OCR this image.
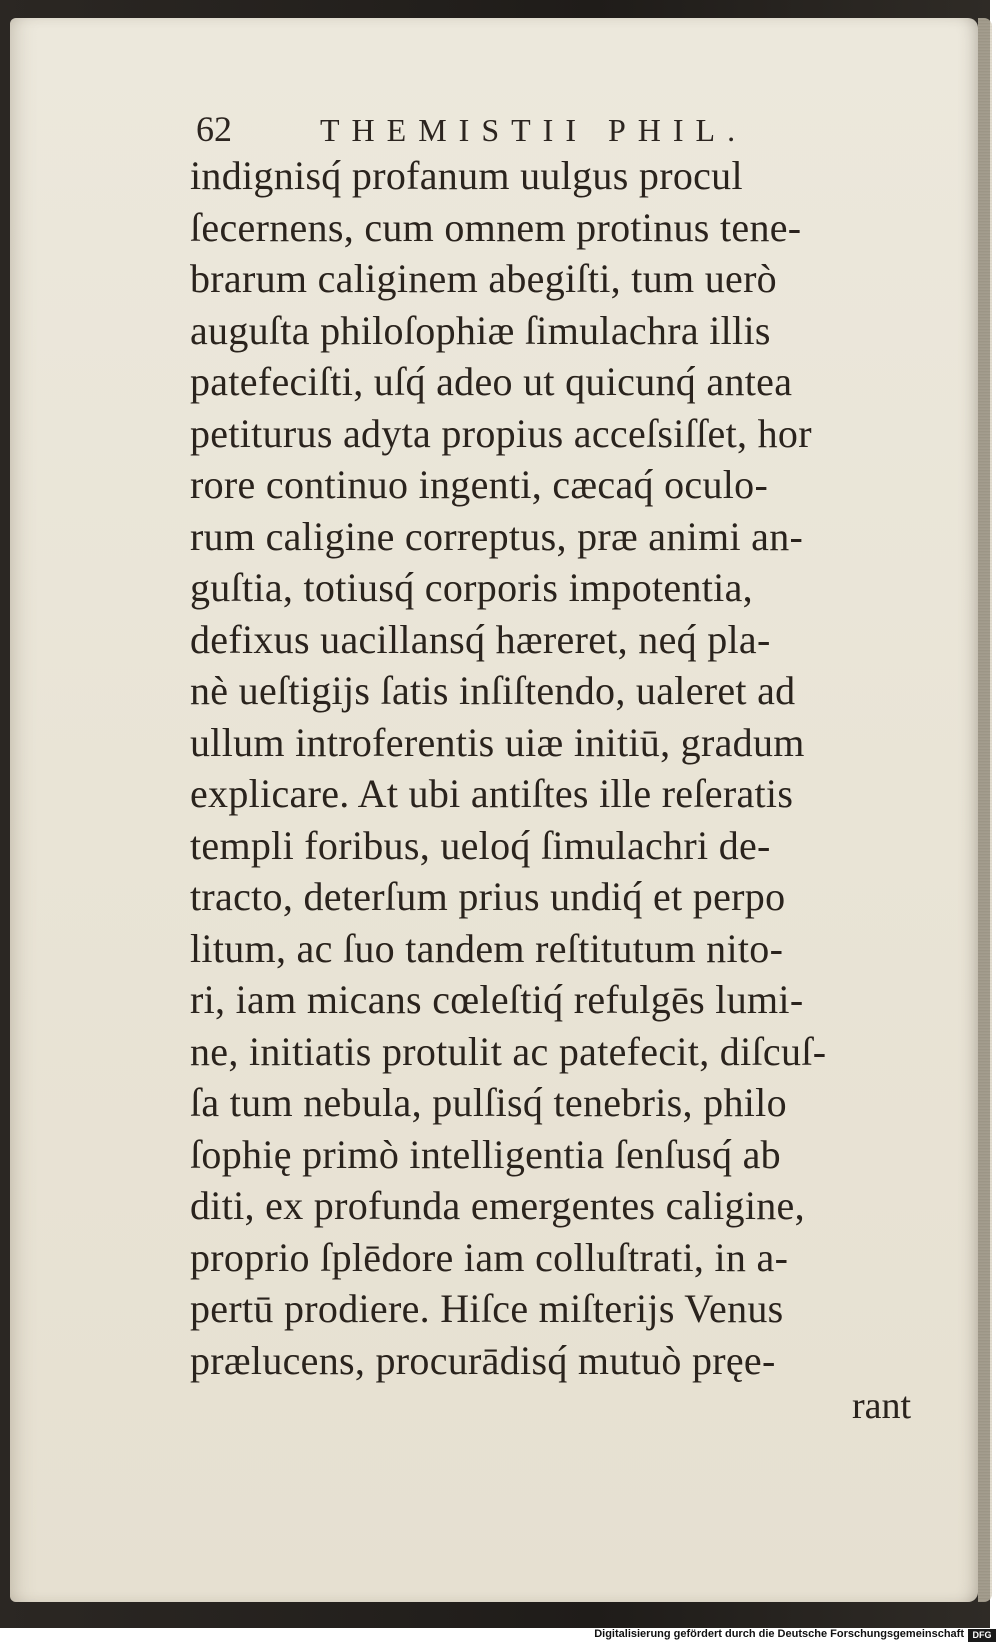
62	THEMISTII PHIL.
indignisq́ profanum uulgus procul
ſecernens, cum omnem protinus tene-
brarum caliginem abegiſti, tum uerò
auguſta philoſophiæ ſimulachra illis
patefeciſti, uſq́ adeo ut quicunq́ antea
petiturus adyta propius acceſsiſſet, hor
rore continuo ingenti, cæcaq́ oculo-
rum caligine correptus, præ animi an-
guſtia, totiusq́ corporis impotentia,
defixus uacillansq́ hæreret, neq́ pla-
nè ueſtigijs ſatis inſiſtendo, ualeret ad
ullum introferentis uiæ initiū, gradum
explicare. At ubi antiſtes ille reſeratis
templi foribus, ueloq́ ſimulachri de-
tracto, deterſum prius undiq́ et perpo
litum, ac ſuo tandem reſtitutum nito-
ri, iam micans cœleſtiq́ refulgēs lumi-
ne, initiatis protulit ac patefecit, diſcuſ-
ſa tum nebula, pulſisq́ tenebris, philo
ſophię primò intelligentia ſenſusq́ ab
diti, ex profunda emergentes caligine,
proprio ſplēdore iam colluſtrati, in a-
pertū prodiere. Hiſce miſterijs Venus
prælucens, procurādisq́ mutuò pręe-
rant
Digitalisierung gefördert durch die Deutsche Forschungsgemeinschaft DFG
